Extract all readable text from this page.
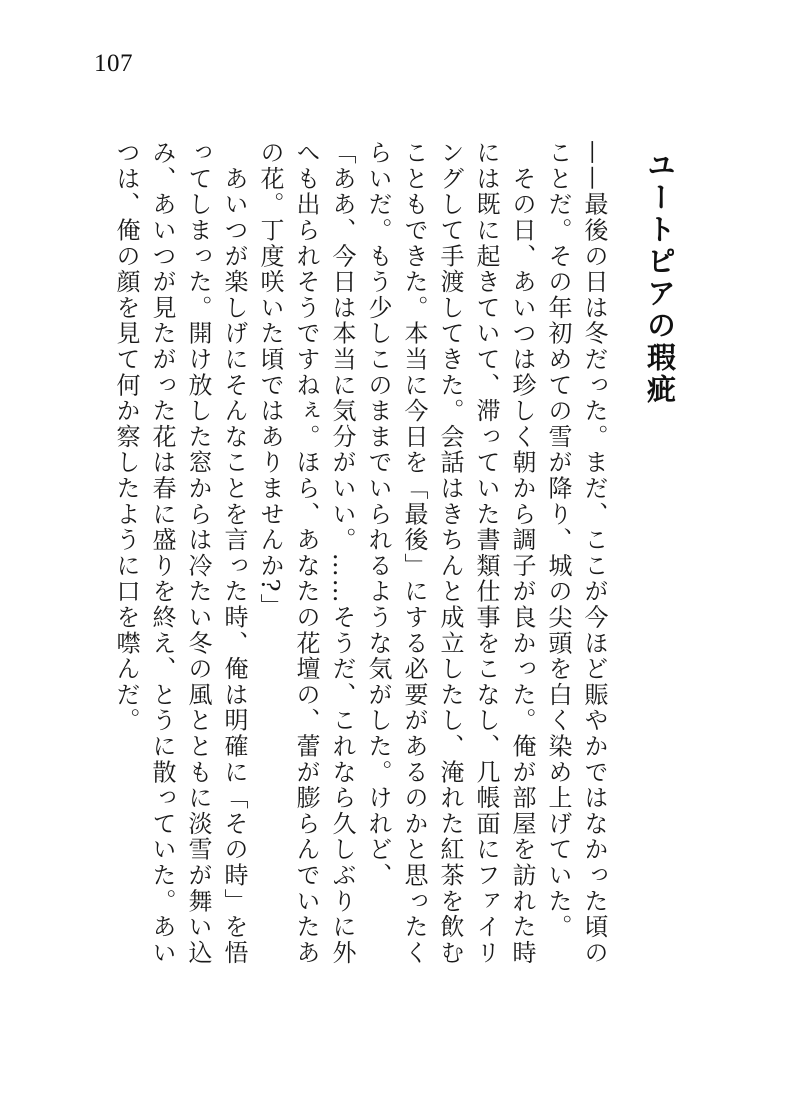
107
ユートピアの瑕疵

——最後の日は冬だった。まだ、ここが今ほど賑やかではなかった頃のことだ。その年初めての雪が降り、城の尖頭を白く染め上げていた。

　その日、あいつは珍しく朝から調子が良かった。俺が部屋を訪れた時には既に起きていて、滞っていた書類仕事をこなし、几帳面にファイリングして手渡してきた。会話はきちんと成立したし、淹れた紅茶を飲むこともできた。本当に今日を「最後」にする必要があるのかと思ったくらいだ。もう少しこのままでいられるような気がした。けれど、

「ああ、今日は本当に気分がいい。……そうだ、これなら久しぶりに外へも出られそうですねぇ。ほら、あなたの花壇の、蕾が膨らんでいたあの花。丁度咲いた頃ではありませんか?」

　あいつが楽しげにそんなことを言った時、俺は明確に「その時」を悟ってしまった。開け放した窓からは冷たい冬の風とともに淡雪が舞い込み、あいつが見たがった花は春に盛りを終え、とうに散っていた。あいつは、俺の顔を見て何か察したように口を噤んだ。
